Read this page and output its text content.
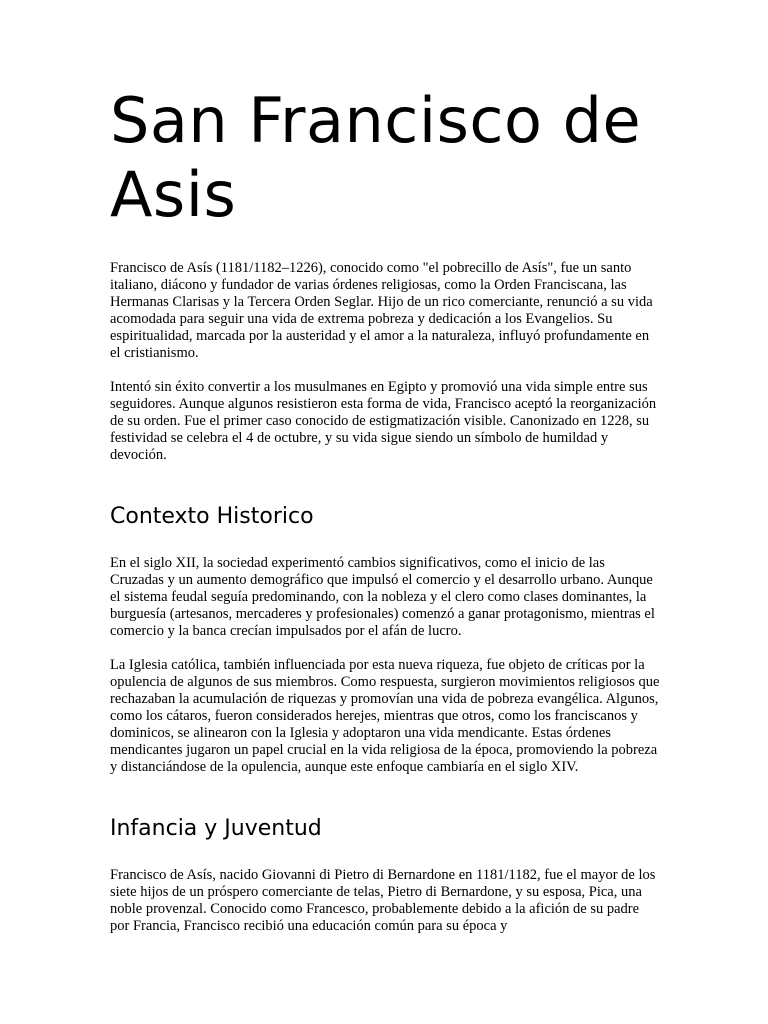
San Francisco de Asis

Francisco de Asís (1181/1182–1226), conocido como "el pobrecillo de Asís", fue un santo italiano, diácono y fundador de varias órdenes religiosas, como la Orden Franciscana, las Hermanas Clarisas y la Tercera Orden Seglar. Hijo de un rico comerciante, renunció a su vida acomodada para seguir una vida de extrema pobreza y dedicación a los Evangelios. Su espiritualidad, marcada por la austeridad y el amor a la naturaleza, influyó profundamente en el cristianismo.

Intentó sin éxito convertir a los musulmanes en Egipto y promovió una vida simple entre sus seguidores. Aunque algunos resistieron esta forma de vida, Francisco aceptó la reorganización de su orden. Fue el primer caso conocido de estigmatización visible. Canonizado en 1228, su festividad se celebra el 4 de octubre, y su vida sigue siendo un símbolo de humildad y devoción.

Contexto Historico

En el siglo XII, la sociedad experimentó cambios significativos, como el inicio de las Cruzadas y un aumento demográfico que impulsó el comercio y el desarrollo urbano. Aunque el sistema feudal seguía predominando, con la nobleza y el clero como clases dominantes, la burguesía (artesanos, mercaderes y profesionales) comenzó a ganar protagonismo, mientras el comercio y la banca crecían impulsados por el afán de lucro.

La Iglesia católica, también influenciada por esta nueva riqueza, fue objeto de críticas por la opulencia de algunos de sus miembros. Como respuesta, surgieron movimientos religiosos que rechazaban la acumulación de riquezas y promovían una vida de pobreza evangélica. Algunos, como los cátaros, fueron considerados herejes, mientras que otros, como los franciscanos y dominicos, se alinearon con la Iglesia y adoptaron una vida mendicante. Estas órdenes mendicantes jugaron un papel crucial en la vida religiosa de la época, promoviendo la pobreza y distanciándose de la opulencia, aunque este enfoque cambiaría en el siglo XIV.

Infancia y Juventud

Francisco de Asís, nacido Giovanni di Pietro di Bernardone en 1181/1182, fue el mayor de los siete hijos de un próspero comerciante de telas, Pietro di Bernardone, y su esposa, Pica, una noble provenzal. Conocido como Francesco, probablemente debido a la afición de su padre por Francia, Francisco recibió una educación común para su época y
